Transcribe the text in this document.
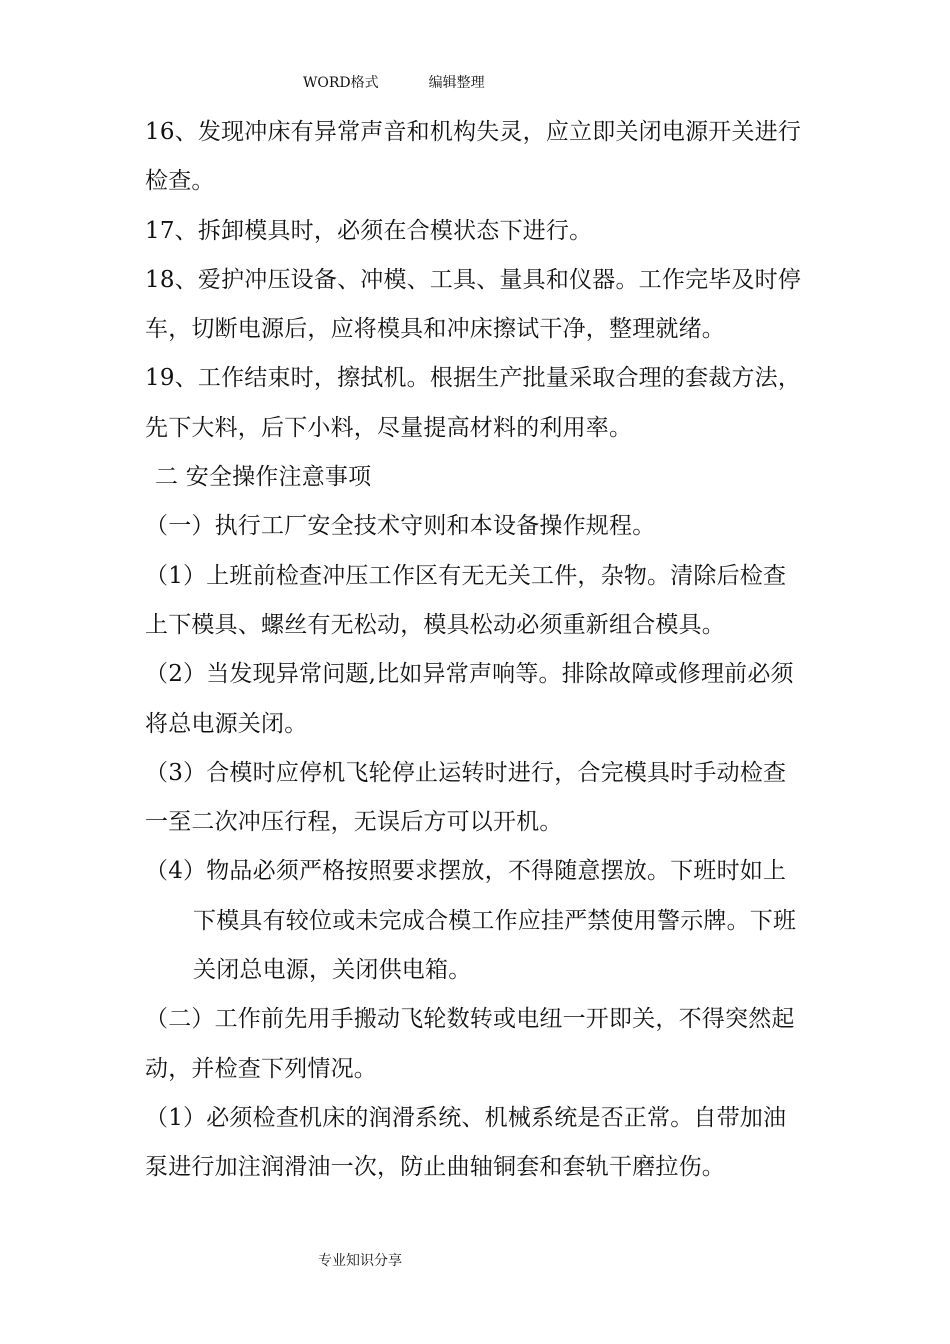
WORD格式	编辑整理
16、发现冲床有异常声音和机构失灵，应立即关闭电源开关进行
检查。
17、拆卸模具时，必须在合模状态下进行。
18、爱护冲压设备、冲模、工具、量具和仪器。工作完毕及时停
车，切断电源后，应将模具和冲床擦试干净，整理就绪。
19、工作结束时，擦拭机。根据生产批量采取合理的套裁方法，
先下大料，后下小料，尽量提高材料的利用率。
二 安全操作注意事项
（一）执行工厂安全技术守则和本设备操作规程。
（1）上班前检查冲压工作区有无无关工件，杂物。清除后检查
上下模具、螺丝有无松动，模具松动必须重新组合模具。
（2）当发现异常问题,比如异常声响等。排除故障或修理前必须
将总电源关闭。
（3）合模时应停机飞轮停止运转时进行，合完模具时手动检查
一至二次冲压行程，无误后方可以开机。
（4）物品必须严格按照要求摆放，不得随意摆放。下班时如上
下模具有较位或未完成合模工作应挂严禁使用警示牌。下班
关闭总电源，关闭供电箱。
（二）工作前先用手搬动飞轮数转或电纽一开即关，不得突然起
动，并检查下列情况。
（1）必须检查机床的润滑系统、机械系统是否正常。自带加油
泵进行加注润滑油一次，防止曲轴铜套和套轨干磨拉伤。
专业知识分享
